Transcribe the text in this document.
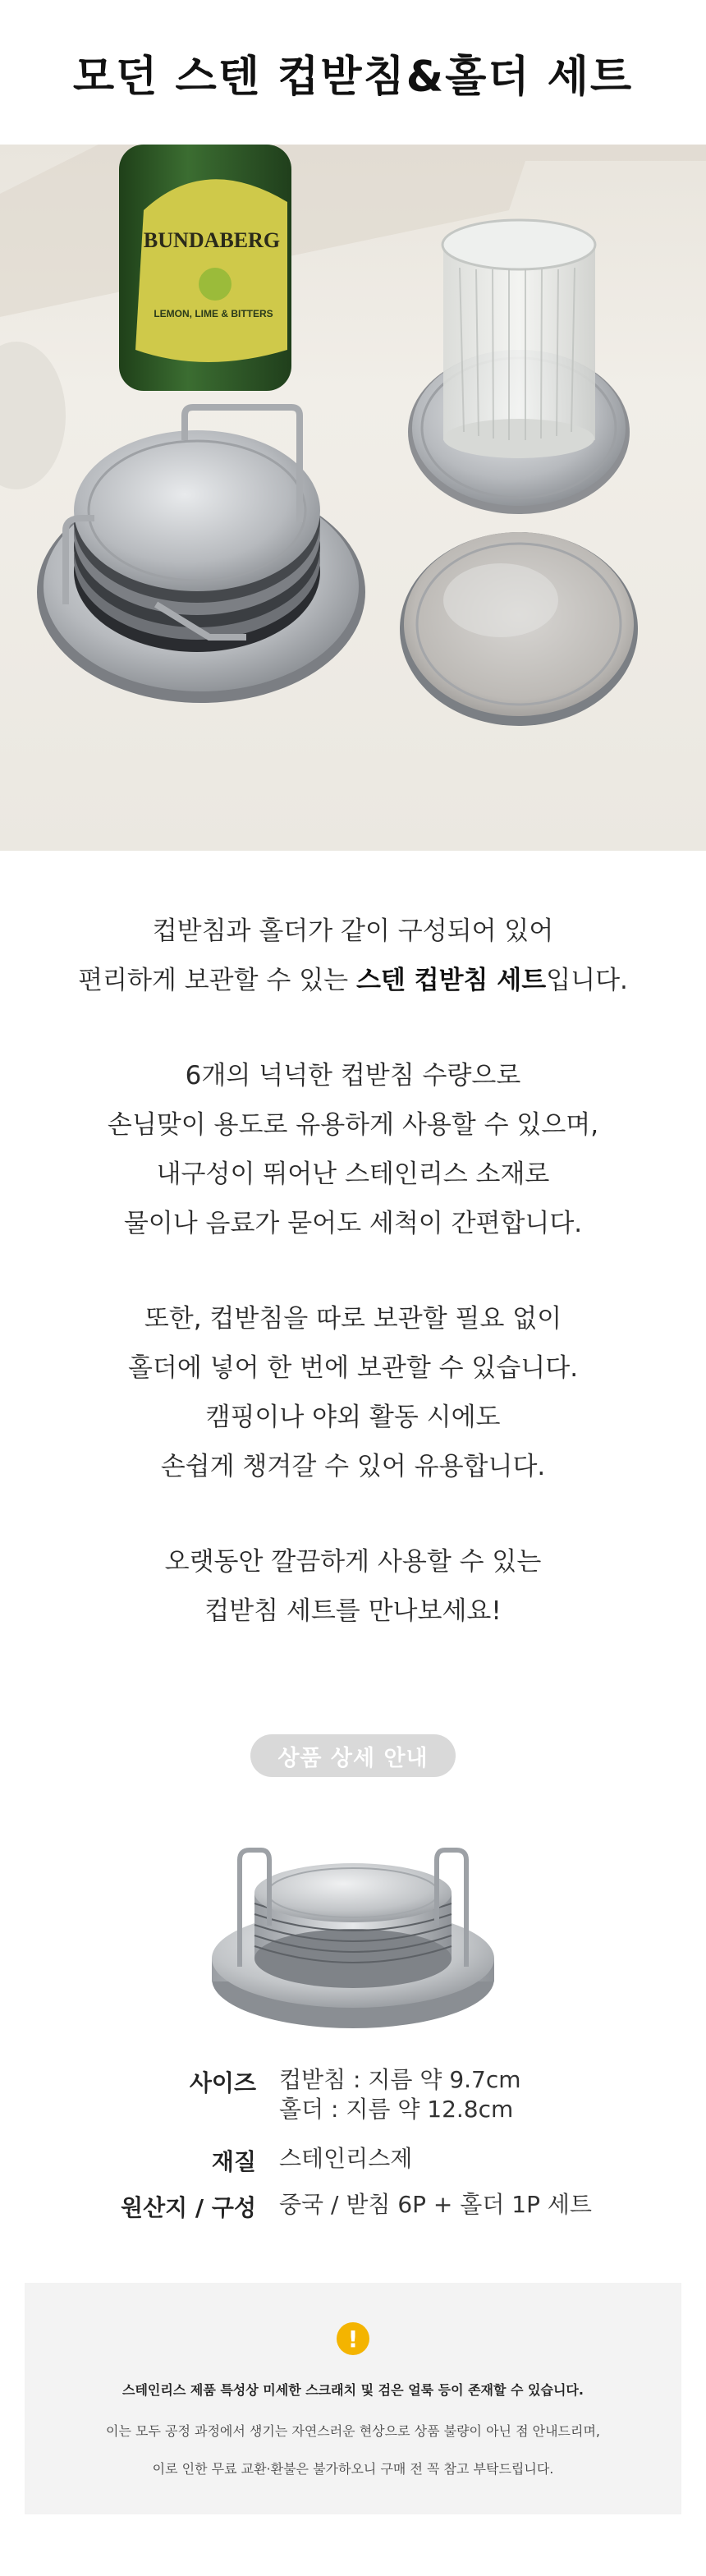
모던 스텐 컵받침&홀더 세트
BUNDABERG
LEMON, LIME & BITTERS

컵받침과 홀더가 같이 구성되어 있어

편리하게 보관할 수 있는 스텐 컵받침 세트입니다.

6개의 넉넉한 컵받침 수량으로

손님맞이 용도로 유용하게 사용할 수 있으며,

내구성이 뛰어난 스테인리스 소재로

물이나 음료가 묻어도 세척이 간편합니다.

또한, 컵받침을 따로 보관할 필요 없이

홀더에 넣어 한 번에 보관할 수 있습니다.

캠핑이나 야외 활동 시에도

손쉽게 챙겨갈 수 있어 유용합니다.

오랫동안 깔끔하게 사용할 수 있는

컵받침 세트를 만나보세요!

상품 상세 안내
사이즈 컵받침 : 지름 약 9.7cm
홀더 : 지름 약 12.8cm
재질 스테인리스제
원산지 / 구성 중국 / 받침 6P + 홀더 1P 세트
!
스테인리스 제품 특성상 미세한 스크래치 및 검은 얼룩 등이 존재할 수 있습니다.
이는 모두 공정 과정에서 생기는 자연스러운 현상으로 상품 불량이 아닌 점 안내드리며,
이로 인한 무료 교환·환불은 불가하오니 구매 전 꼭 참고 부탁드립니다.
